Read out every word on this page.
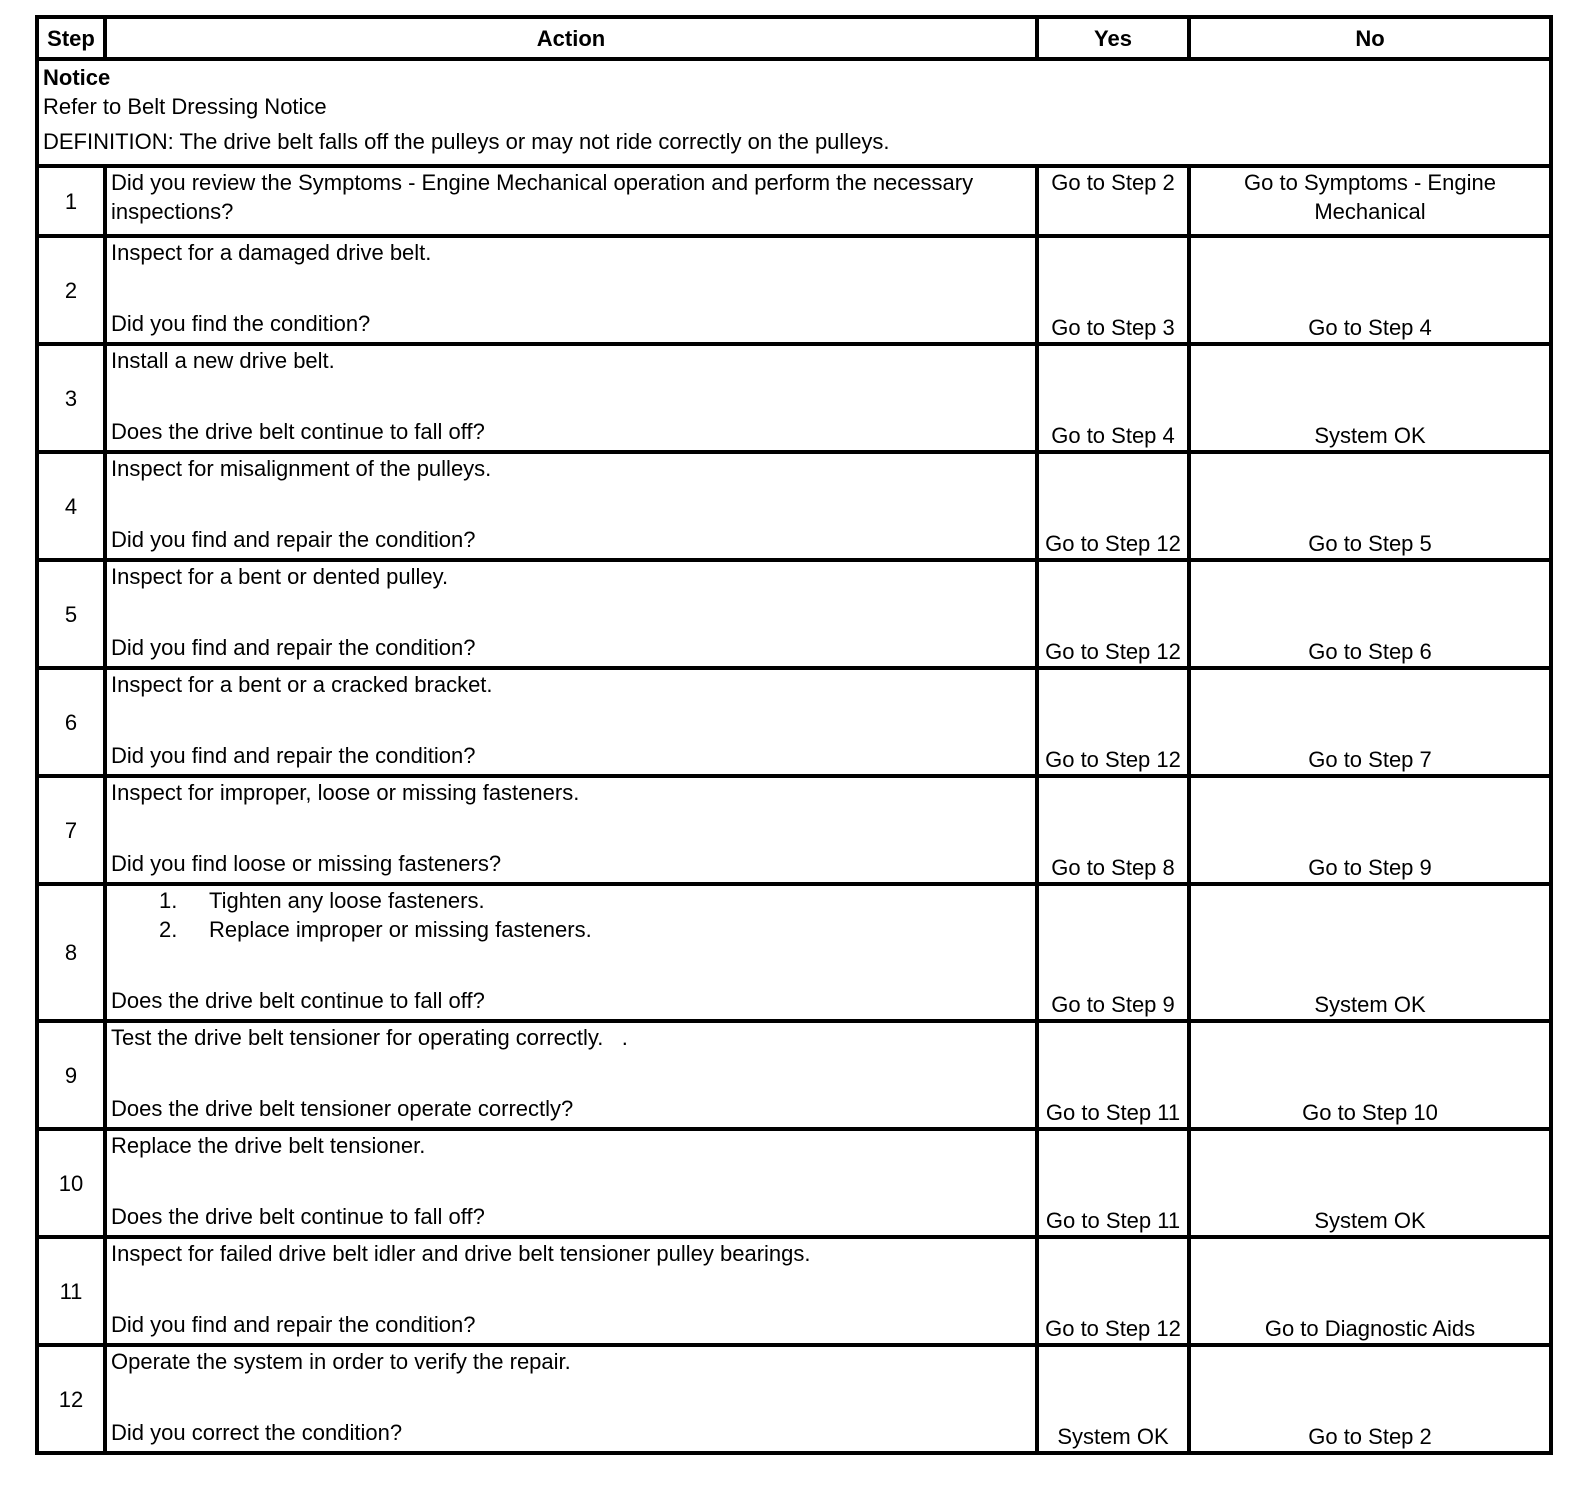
Step	Action	Yes	No

Notice
Refer to Belt Dressing Notice
DEFINITION: The drive belt falls off the pulleys or may not ride correctly on the pulleys.			

1	Did you review the Symptoms - Engine Mechanical operation and perform the necessary inspections?	Go to Step 2	Go to Symptoms - Engine Mechanical
2	Inspect for a damaged drive belt.
Did you find the condition?	Go to Step 3	Go to Step 4
3	Install a new drive belt.
Does the drive belt continue to fall off?	Go to Step 4	System OK
4	Inspect for misalignment of the pulleys.
Did you find and repair the condition?	Go to Step 12	Go to Step 5
5	Inspect for a bent or dented pulley.
Did you find and repair the condition?	Go to Step 12	Go to Step 6
6	Inspect for a bent or a cracked bracket.
Did you find and repair the condition?	Go to Step 12	Go to Step 7
7	Inspect for improper, loose or missing fasteners.
Did you find loose or missing fasteners?	Go to Step 8	Go to Step 9
8	1. Tighten any loose fasteners.
2. Replace improper or missing fasteners.
Does the drive belt continue to fall off?	Go to Step 9	System OK
9	Test the drive belt tensioner for operating correctly.   .
Does the drive belt tensioner operate correctly?	Go to Step 11	Go to Step 10
10	Replace the drive belt tensioner.
Does the drive belt continue to fall off?	Go to Step 11	System OK
11	Inspect for failed drive belt idler and drive belt tensioner pulley bearings.
Did you find and repair the condition?	Go to Step 12	Go to Diagnostic Aids
12	Operate the system in order to verify the repair.
Did you correct the condition?	System OK	Go to Step 2
